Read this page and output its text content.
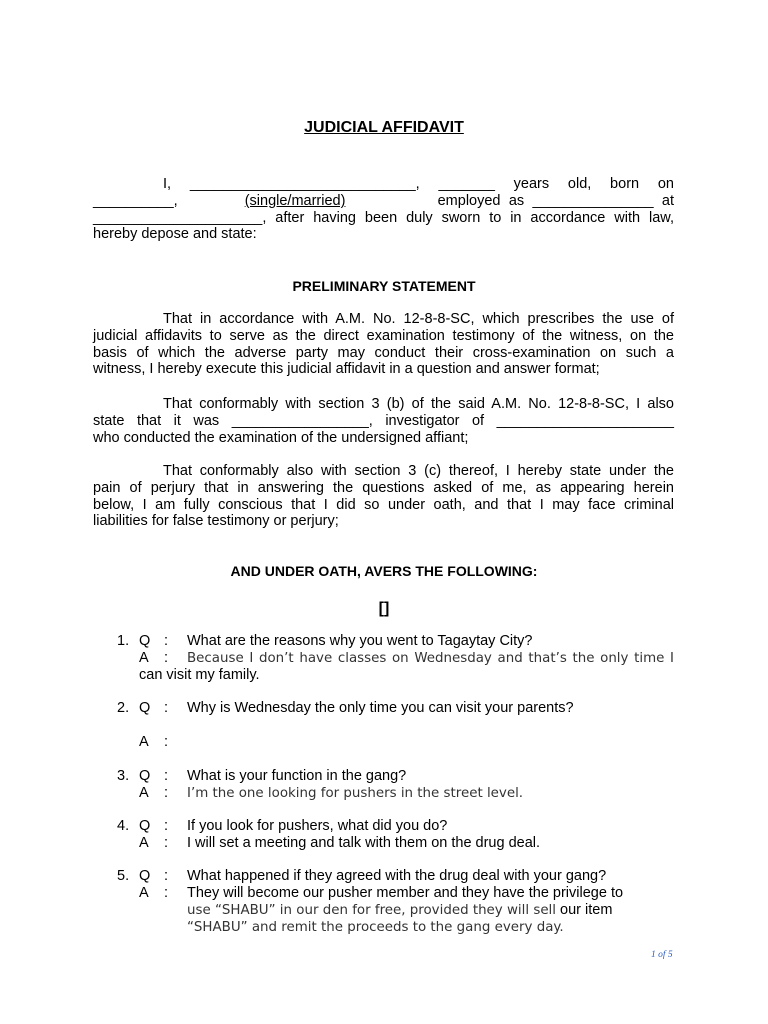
JUDICIAL AFFIDAVIT
I, ____________________________, _______ years old, born on
__________,	(single/married)	employed as _______________ at
_____________________, after having been duly sworn to in accordance with law,
hereby depose and state:
PRELIMINARY STATEMENT
That in accordance with A.M. No. 12-8-8-SC, which prescribes the use of
judicial affidavits to serve as the direct examination testimony of the witness, on the
basis of which the adverse party may conduct their cross-examination on such a
witness, I hereby execute this judicial affidavit in a question and answer format;
That conformably with section 3 (b) of the said A.M. No. 12-8-8-SC, I also
state that it was _________________, investigator of ______________________
who conducted the examination of the undersigned affiant;
That conformably also with section 3 (c) thereof, I hereby state under the
pain of perjury that in answering the questions asked of me, as appearing herein
below, I am fully conscious that I did so under oath, and that I may face criminal
liabilities for false testimony or perjury;
AND UNDER OATH, AVERS THE FOLLOWING:
[]
1. Q : What are the reasons why you went to Tagaytay City?
A	: Because I don’t have classes on Wednesday and that’s the only time I
can visit my family.
2. Q : Why is Wednesday the only time you can visit your parents?
A	:
3. Q : What is your function in the gang?
A	: I’m the one looking for pushers in the street level.
4. Q : If you look for pushers, what did you do?
A	: I will set a meeting and talk with them on the drug deal.
5. Q : What happened if they agreed with the drug deal with your gang?
A	: They will become our pusher member and they have the privilege to
use “SHABU” in our den for free, provided they will sell our item
“SHABU” and remit the proceeds to the gang every day.
1 of 5
